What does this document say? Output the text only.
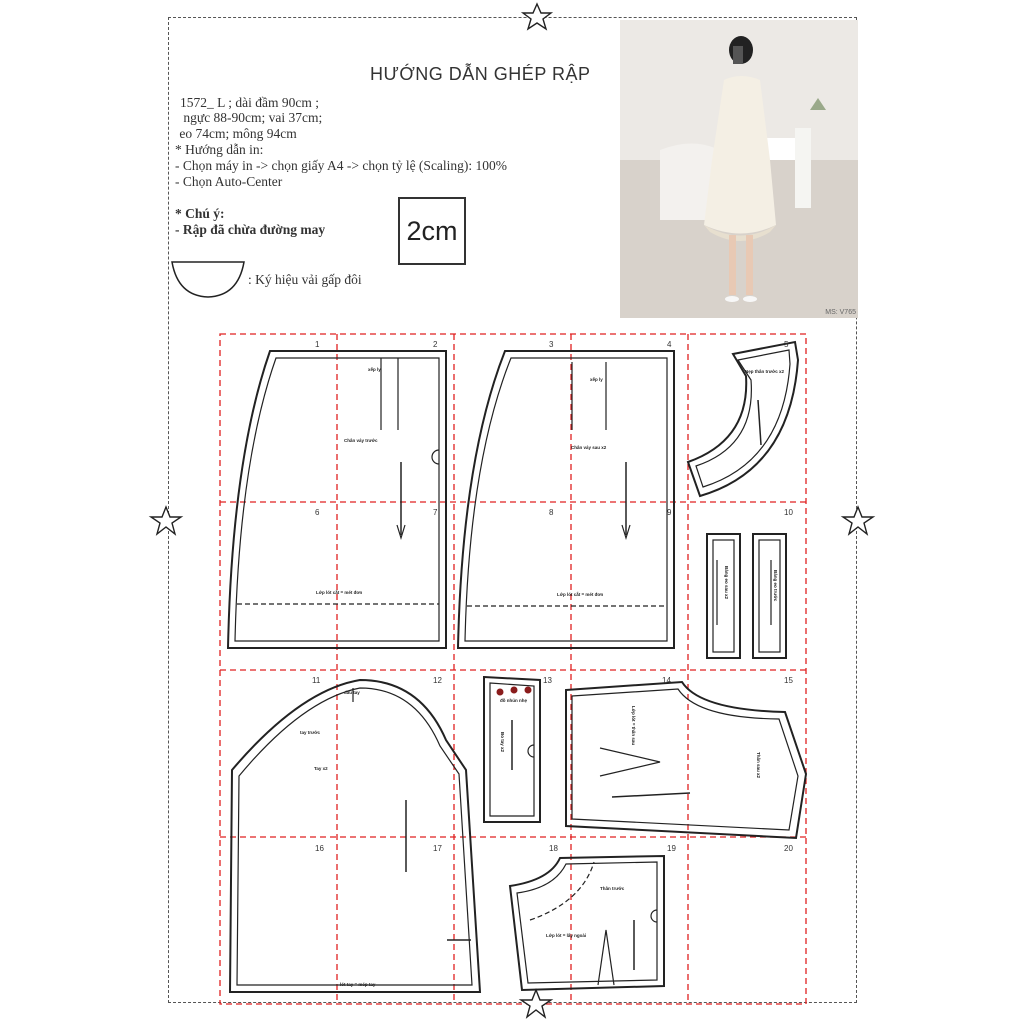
HƯỚNG DẪN GHÉP RẬP
1572_ L ; dài đầm 90cm ;
ngực 88-90cm; vai 37cm;
eo 74cm; mông 94cm
* Hướng dẫn in:
- Chọn máy in -> chọn giấy A4 -> chọn tỷ lệ (Scaling): 100%
- Chọn Auto-Center
* Chú ý:
- Rập đã chừa đường may	2cm
1	2	3	4	5
6	7	8	9	10
11	12	13	14	15
16	17	18	19	20
xếp ly
Chân váy trước
Lớp lót cắt = mét đơn
xếp ly
Chân váy sau x2
Lớp lót cắt = mét đơn
Nẹp thân trước x2
Bảng eo sau x2	Bảng eo trước
đầu tay
tay trước
Tay x2
lót tay = mép tay
đồ nhún nhẹ
Bo tay x2	Lớp lót = thân sau
Thân sau x2
Thân trước
Lớp lót = lấy ngoài
: Ký hiệu vải gấp đôi
MS: V765
